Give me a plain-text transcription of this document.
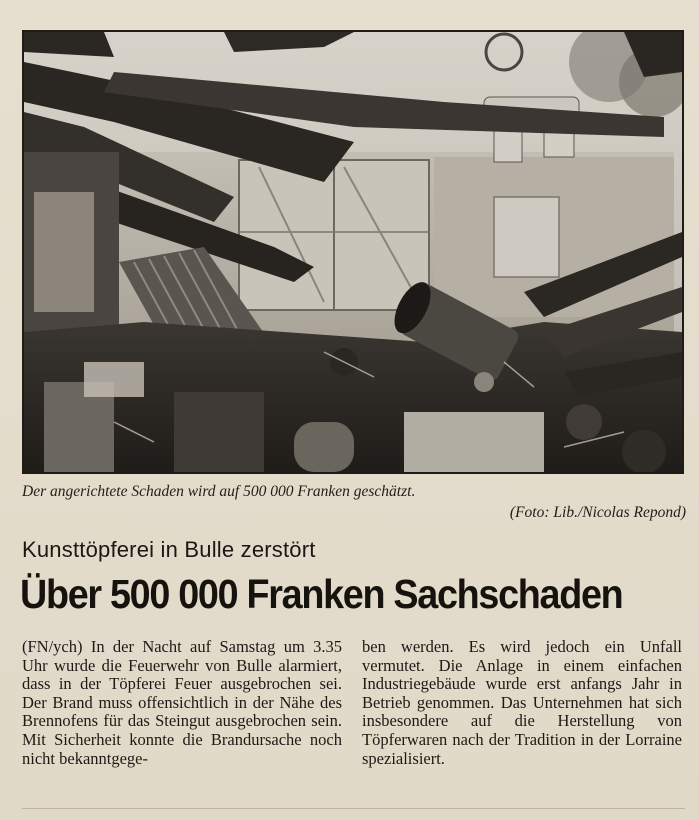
Der angerichtete Schaden wird auf 500 000 Franken geschätzt.
(Foto: Lib./Nicolas Repond)
Kunsttöpferei in Bulle zerstört
Über 500 000 Franken Sachschaden

(FN/ych) In der Nacht auf Samstag um 3.35 Uhr wurde die Feuerwehr von Bulle alarmiert, dass in der Töpferei Feuer ausgebrochen sei. Der Brand muss offensichtlich in der Nähe des Brennofens für das Steingut ausgebrochen sein. Mit Sicherheit konnte die Brandursache noch nicht bekanntgege-

ben werden. Es wird jedoch ein Unfall vermutet. Die Anlage in einem einfachen Industriegebäude wurde erst anfangs Jahr in Betrieb genommen. Das Unternehmen hat sich insbesondere auf die Herstellung von Töpferwaren nach der Tradition in der Lorraine spezialisiert.
